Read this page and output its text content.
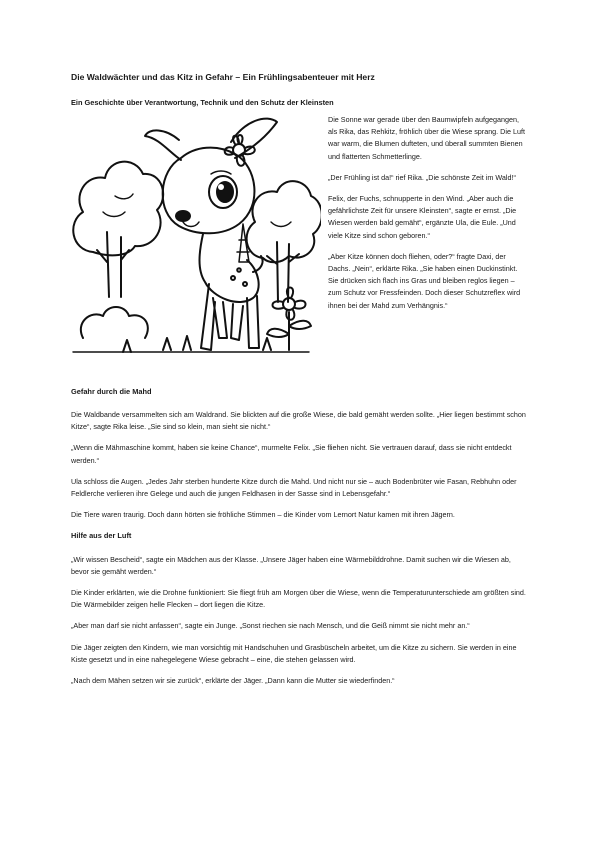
Die Waldwächter und das Kitz in Gefahr – Ein Frühlingsabenteuer mit Herz
Ein Geschichte über Verantwortung, Technik und den Schutz der Kleinsten

Die Sonne war gerade über den Baumwipfeln aufgegangen, als Rika, das Rehkitz, fröhlich über die Wiese sprang. Die Luft war warm, die Blumen dufteten, und überall summten Bienen und flatterten Schmetterlinge.

„Der Frühling ist da!“ rief Rika. „Die schönste Zeit im Wald!“

Felix, der Fuchs, schnupperte in den Wind. „Aber auch die gefährlichste Zeit für unsere Kleinsten“, sagte er ernst. „Die Wiesen werden bald gemäht“, ergänzte Ula, die Eule. „Und viele Kitze sind schon geboren.“

„Aber Kitze können doch fliehen, oder?“ fragte Daxi, der Dachs. „Nein“, erklärte Rika. „Sie haben einen Duckinstinkt. Sie drücken sich flach ins Gras und bleiben reglos liegen – zum Schutz vor Fressfeinden. Doch dieser Schutzreflex wird ihnen bei der Mahd zum Verhängnis.“

Gefahr durch die Mahd

Die Waldbande versammelten sich am Waldrand. Sie blickten auf die große Wiese, die bald gemäht werden sollte. „Hier liegen bestimmt schon Kitze“, sagte Rika leise. „Sie sind so klein, man sieht sie nicht.“

„Wenn die Mähmaschine kommt, haben sie keine Chance“, murmelte Felix. „Sie fliehen nicht. Sie vertrauen darauf, dass sie nicht entdeckt werden.“

Ula schloss die Augen. „Jedes Jahr sterben hunderte Kitze durch die Mahd. Und nicht nur sie – auch Bodenbrüter wie Fasan, Rebhuhn oder Feldlerche verlieren ihre Gelege und auch die jungen Feldhasen in der Sasse sind in Lebensgefahr.“

Die Tiere waren traurig. Doch dann hörten sie fröhliche Stimmen – die Kinder vom Lernort Natur kamen mit ihren Jägern.

Hilfe aus der Luft

„Wir wissen Bescheid“, sagte ein Mädchen aus der Klasse. „Unsere Jäger haben eine Wärmebilddrohne. Damit suchen wir die Wiesen ab, bevor sie gemäht werden.“

Die Kinder erklärten, wie die Drohne funktioniert: Sie fliegt früh am Morgen über die Wiese, wenn die Temperaturunterschiede am größten sind. Die Wärmebilder zeigen helle Flecken – dort liegen die Kitze.

„Aber man darf sie nicht anfassen“, sagte ein Junge. „Sonst riechen sie nach Mensch, und die Geiß nimmt sie nicht mehr an.“

Die Jäger zeigten den Kindern, wie man vorsichtig mit Handschuhen und Grasbüscheln arbeitet, um die Kitze zu sichern. Sie werden in eine Kiste gesetzt und in eine nahegelegene Wiese gebracht – eine, die stehen gelassen wird.

„Nach dem Mähen setzen wir sie zurück“, erklärte der Jäger. „Dann kann die Mutter sie wiederfinden.“
